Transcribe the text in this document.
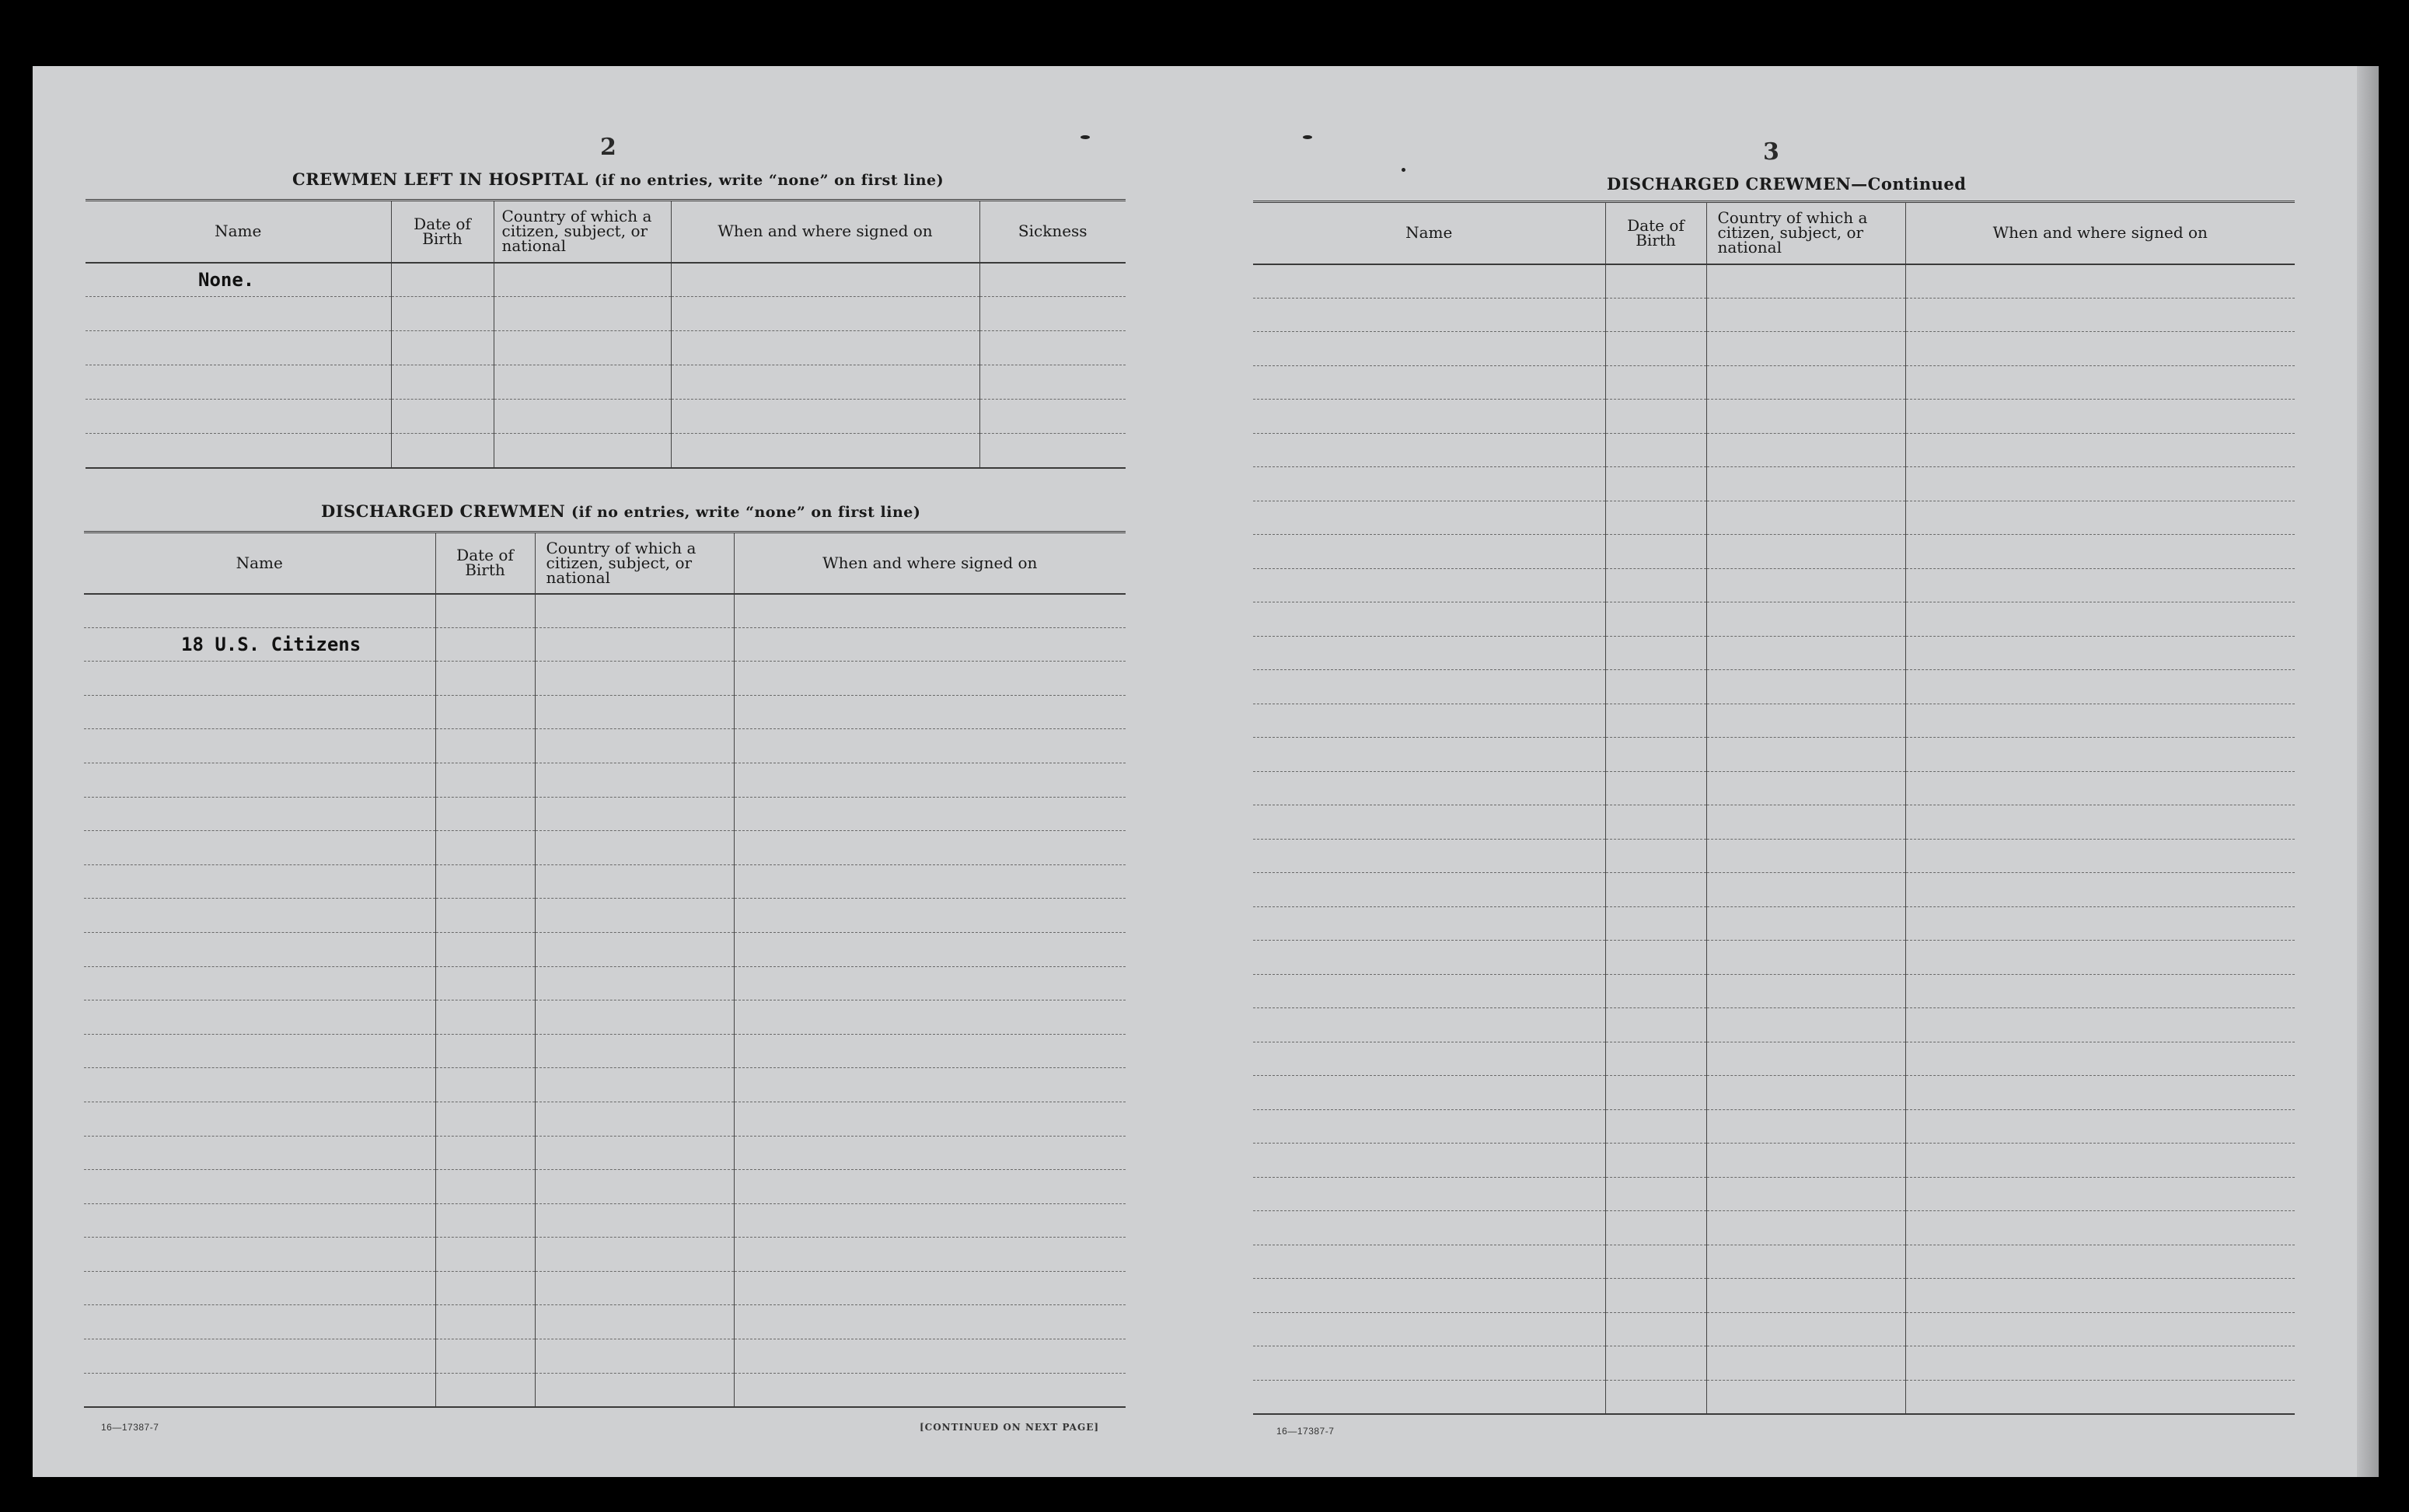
2
CREWMEN LEFT IN HOSPITAL (if no entries, write “none” on first line)
Name	Date of Birth	Country of which a citizen, subject, or national	When and where signed on	Sickness
None.				

DISCHARGED CREWMEN (if no entries, write “none” on first line)
Name	Date of Birth	Country of which a citizen, subject, or national	When and where signed on

18 U.S. Citizens			

16—17387-7	[CONTINUED ON NEXT PAGE]
3
DISCHARGED CREWMEN—Continued
Name	Date of Birth	Country of which a citizen, subject, or national	When and where signed on

16—17387-7
